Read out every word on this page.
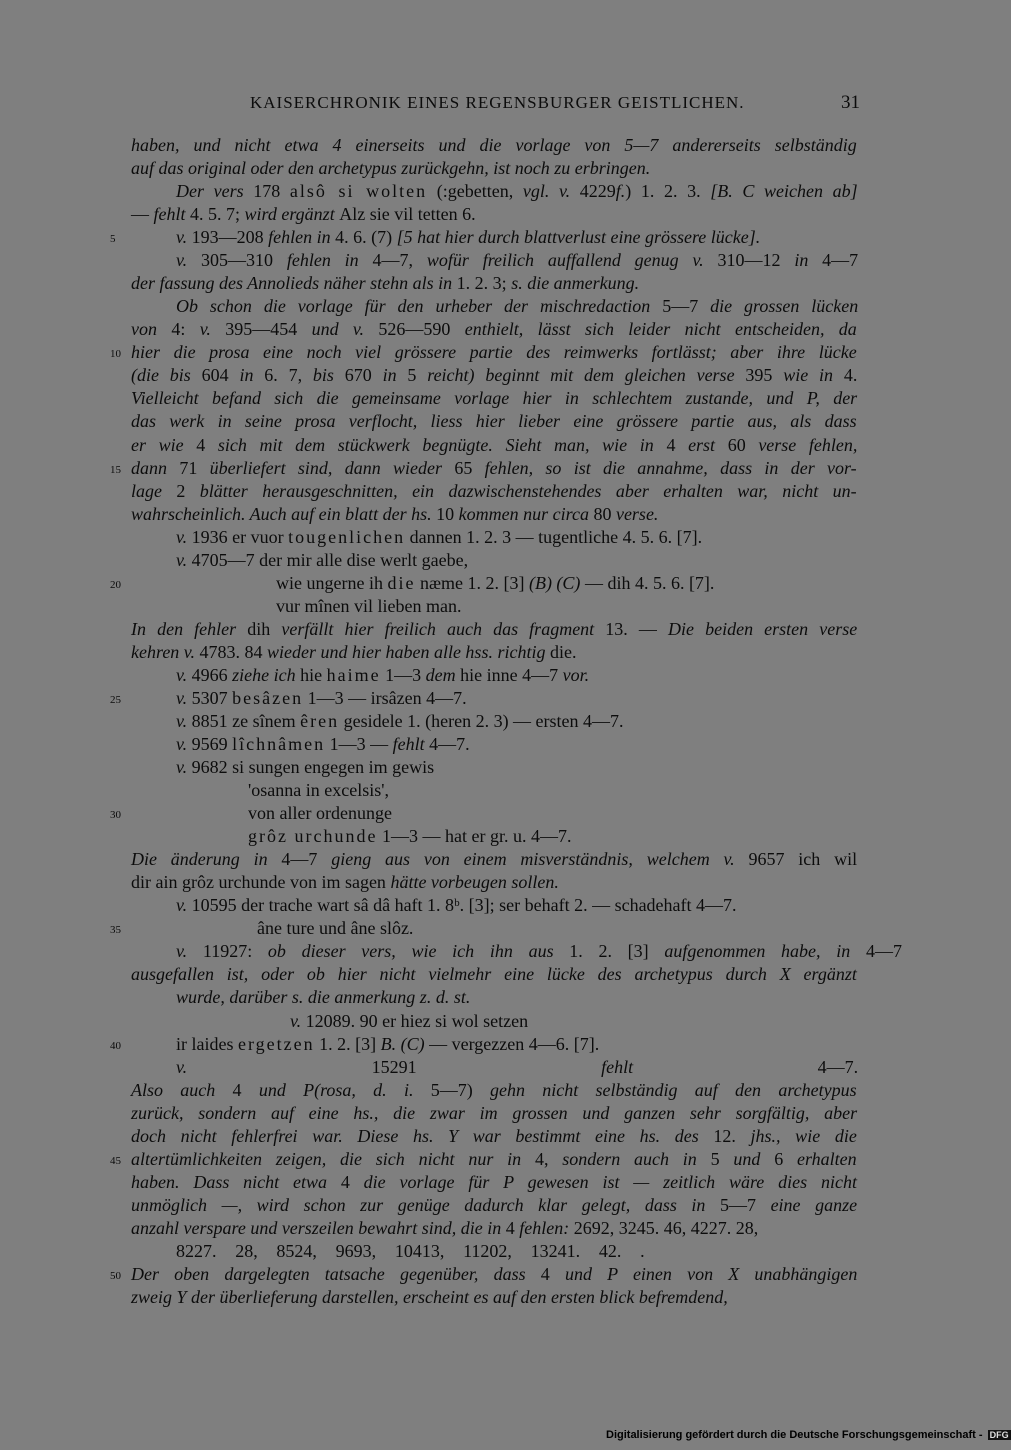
KAISERCHRONIK EINES REGENSBURGER GEISTLICHEN.	31
haben, und nicht etwa 4 einerseits und die vorlage von 5—7 andererseits selbständig
auf das original oder den archetypus zurückgehn, ist noch zu erbringen.
Der vers 178 alsô si wolten (:gebetten, vgl. v. 4229f.) 1. 2. 3. [B. C weichen ab]
— fehlt 4. 5. 7; wird ergänzt Alz sie vil tetten 6.
v. 193—208 fehlen in 4. 6. (7) [5 hat hier durch blattverlust eine grössere lücke].
v. 305—310 fehlen in 4—7, wofür freilich auffallend genug v. 310—12 in 4—7
der fassung des Annolieds näher stehn als in 1. 2. 3; s. die anmerkung.
Ob schon die vorlage für den urheber der mischredaction 5—7 die grossen lücken
von 4: v. 395—454 und v. 526—590 enthielt, lässt sich leider nicht entscheiden, da
hier die prosa eine noch viel grössere partie des reimwerks fortlässt; aber ihre lücke
(die bis 604 in 6. 7, bis 670 in 5 reicht) beginnt mit dem gleichen verse 395 wie in 4.
Vielleicht befand sich die gemeinsame vorlage hier in schlechtem zustande, und P, der
das werk in seine prosa verflocht, liess hier lieber eine grössere partie aus, als dass
er wie 4 sich mit dem stückwerk begnügte. Sieht man, wie in 4 erst 60 verse fehlen,
dann 71 überliefert sind, dann wieder 65 fehlen, so ist die annahme, dass in der vor-
lage 2 blätter herausgeschnitten, ein dazwischenstehendes aber erhalten war, nicht un-
wahrscheinlich. Auch auf ein blatt der hs. 10 kommen nur circa 80 verse.
v. 1936 er vuor tougenlichen dannen 1. 2. 3 — tugentliche 4. 5. 6. [7].
v. 4705—7 der mir alle dise werlt gaebe,
wie ungerne ih die næme 1. 2. [3] (B) (C) — dih 4. 5. 6. [7].
vur mînen vil lieben man.
In den fehler dih verfällt hier freilich auch das fragment 13. — Die beiden ersten verse
kehren v. 4783. 84 wieder und hier haben alle hss. richtig die.
v. 4966 ziehe ich hie haime 1—3 dem hie inne 4—7 vor.
v. 5307 besâzen 1—3 — irsâzen 4—7.
v. 8851 ze sînem êren gesidele 1. (heren 2. 3) — ersten 4—7.
v. 9569 lîchnâmen 1—3 — fehlt 4—7.
v. 9682 si sungen engegen im gewis
'osanna in excelsis',
von aller ordenunge
grôz urchunde 1—3 — hat er gr. u. 4—7.
Die änderung in 4—7 gieng aus von einem misverständnis, welchem v. 9657 ich wil
dir ain grôz urchunde von im sagen hätte vorbeugen sollen.
v. 10595 der trache wart sâ dâ haft 1. 8ᵇ. [3]; ser behaft 2. — schadehaft 4—7.
âne ture und âne slôz.
v. 11927: ob dieser vers, wie ich ihn aus 1. 2. [3] aufgenommen habe, in 4—7
ausgefallen ist, oder ob hier nicht vielmehr eine lücke des archetypus durch X ergänzt
wurde, darüber s. die anmerkung z. d. st.
v. 12089. 90 er hiez si wol setzen
ir laides ergetzen 1. 2. [3] B. (C) — vergezzen 4—6. [7].
v. 15291 fehlt 4—7.
Also auch 4 und P(rosa, d. i. 5—7) gehn nicht selbständig auf den archetypus
zurück, sondern auf eine hs., die zwar im grossen und ganzen sehr sorgfältig, aber
doch nicht fehlerfrei war. Diese hs. Y war bestimmt eine hs. des 12. jhs., wie die
altertümlichkeiten zeigen, die sich nicht nur in 4, sondern auch in 5 und 6 erhalten
haben. Dass nicht etwa 4 die vorlage für P gewesen ist — zeitlich wäre dies nicht
unmöglich —, wird schon zur genüge dadurch klar gelegt, dass in 5—7 eine ganze
anzahl verspare und verszeilen bewahrt sind, die in 4 fehlen: 2692, 3245. 46, 4227. 28,
8227. 28, 8524, 9693, 10413, 11202, 13241. 42. .
Der oben dargelegten tatsache gegenüber, dass 4 und P einen von X unabhängigen
zweig Y der überlieferung darstellen, erscheint es auf den ersten blick befremdend,
5
10
15
20
25
30
35
40
45
50
Digitalisierung gefördert durch die Deutsche Forschungsgemeinschaft - DFG
